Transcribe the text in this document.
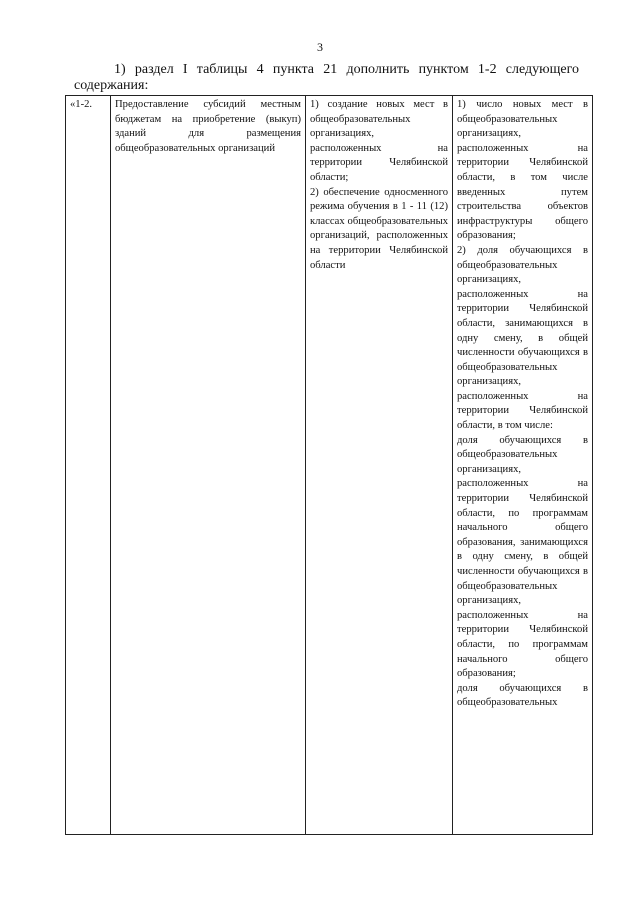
3
1) раздел I таблицы 4 пункта 21 дополнить пунктом 1-2 следующего содержания:
«1-2.	Предоставление субсидий местным бюджетам на приобретение (выкуп) зданий для размещения общеобразовательных организаций	1) создание новых мест в общеобразовательных организациях, расположенных на территории Челябинской области;
2) обеспечение односменного режима обучения в 1 - 11 (12) классах общеобразовательных организаций, расположенных на территории Челябинской области	1) число новых мест в общеобразовательных организациях, расположенных на территории Челябинской области, в том числе введенных путем строительства объектов инфраструктуры общего образования;
2) доля обучающихся в общеобразовательных организациях, расположенных на территории Челябинской области, занимающихся в одну смену, в общей численности обучающихся в общеобразовательных организациях, расположенных на территории Челябинской области, в том числе:
доля обучающихся в общеобразовательных организациях, расположенных на территории Челябинской области, по программам начального общего образования, занимающихся в одну смену, в общей численности обучающихся в общеобразовательных организациях, расположенных на территории Челябинской области, по программам начального общего образования;
доля обучающихся в общеобразовательных
